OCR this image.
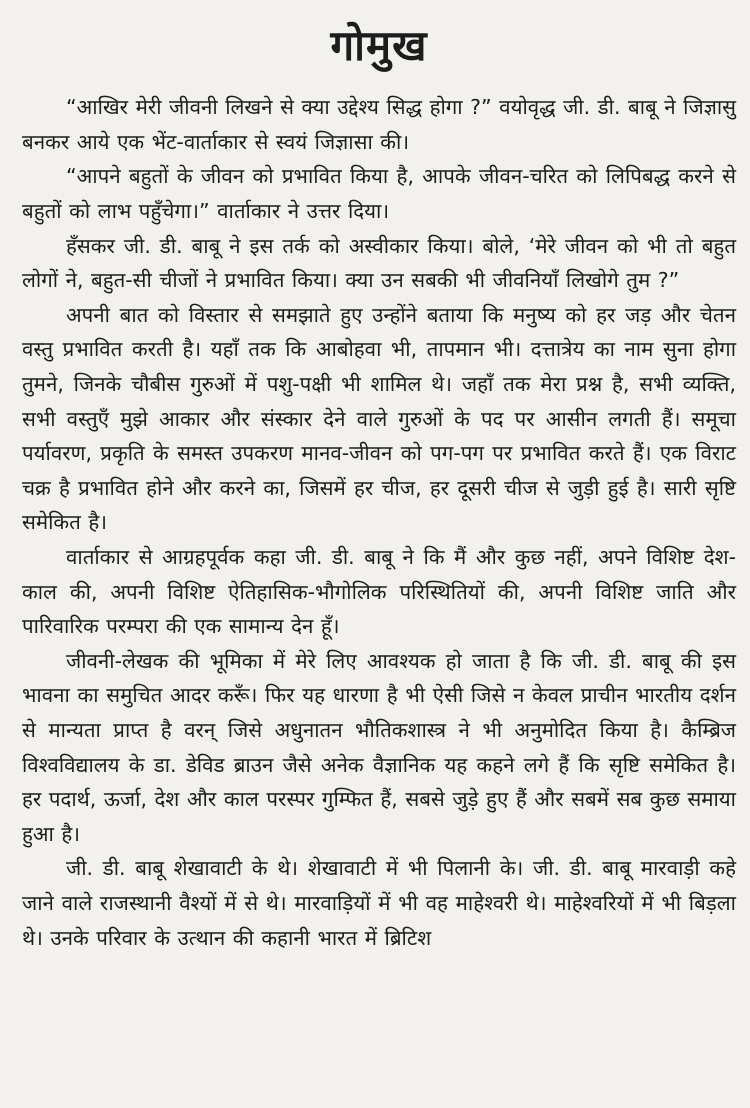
गोमुख

“आखिर मेरी जीवनी लिखने से क्या उद्देश्य सिद्ध होगा ?” वयोवृद्ध जी. डी. बाबू ने जिज्ञासु बनकर आये एक भेंट-वार्ताकार से स्वयं जिज्ञासा की।

“आपने बहुतों के जीवन को प्रभावित किया है, आपके जीवन-चरित को लिपिबद्ध करने से बहुतों को लाभ पहुँचेगा।” वार्ताकार ने उत्तर दिया।

हँसकर जी. डी. बाबू ने इस तर्क को अस्वीकार किया। बोले, ‘मेरे जीवन को भी तो बहुत लोगों ने, बहुत-सी चीजों ने प्रभावित किया। क्या उन सबकी भी जीवनियाँ लिखोगे तुम ?”

अपनी बात को विस्तार से समझाते हुए उन्होंने बताया कि मनुष्य को हर जड़ और चेतन वस्तु प्रभावित करती है। यहाँ तक कि आबोहवा भी, तापमान भी। दत्तात्रेय का नाम सुना होगा तुमने, जिनके चौबीस गुरुओं में पशु-पक्षी भी शामिल थे। जहाँ तक मेरा प्रश्न है, सभी व्यक्ति, सभी वस्तुएँ मुझे आकार और संस्कार देने वाले गुरुओं के पद पर आसीन लगती हैं। समूचा पर्यावरण, प्रकृति के समस्त उपकरण मानव-जीवन को पग-पग पर प्रभावित करते हैं। एक विराट चक्र है प्रभावित होने और करने का, जिसमें हर चीज, हर दूसरी चीज से जुड़ी हुई है। सारी सृष्टि समेकित है।

वार्ताकार से आग्रहपूर्वक कहा जी. डी. बाबू ने कि मैं और कुछ नहीं, अपने विशिष्ट देश-काल की, अपनी विशिष्ट ऐतिहासिक-भौगोलिक परिस्थितियों की, अपनी विशिष्ट जाति और पारिवारिक परम्परा की एक सामान्य देन हूँ।

जीवनी-लेखक की भूमिका में मेरे लिए आवश्यक हो जाता है कि जी. डी. बाबू की इस भावना का समुचित आदर करूँ। फिर यह धारणा है भी ऐसी जिसे न केवल प्राचीन भारतीय दर्शन से मान्यता प्राप्त है वरन् जिसे अधुनातन भौतिकशास्त्र ने भी अनुमोदित किया है। कैम्ब्रिज विश्वविद्यालय के डा. डेविड ब्राउन जैसे अनेक वैज्ञानिक यह कहने लगे हैं कि सृष्टि समेकित है। हर पदार्थ, ऊर्जा, देश और काल परस्पर गुम्फित हैं, सबसे जुड़े हुए हैं और सबमें सब कुछ समाया हुआ है।

जी. डी. बाबू शेखावाटी के थे। शेखावाटी में भी पिलानी के। जी. डी. बाबू मारवाड़ी कहे जाने वाले राजस्थानी वैश्यों में से थे। मारवाड़ियों में भी वह माहेश्वरी थे। माहेश्वरियों में भी बिड़ला थे। उनके परिवार के उत्थान की कहानी भारत में ब्रिटिश
